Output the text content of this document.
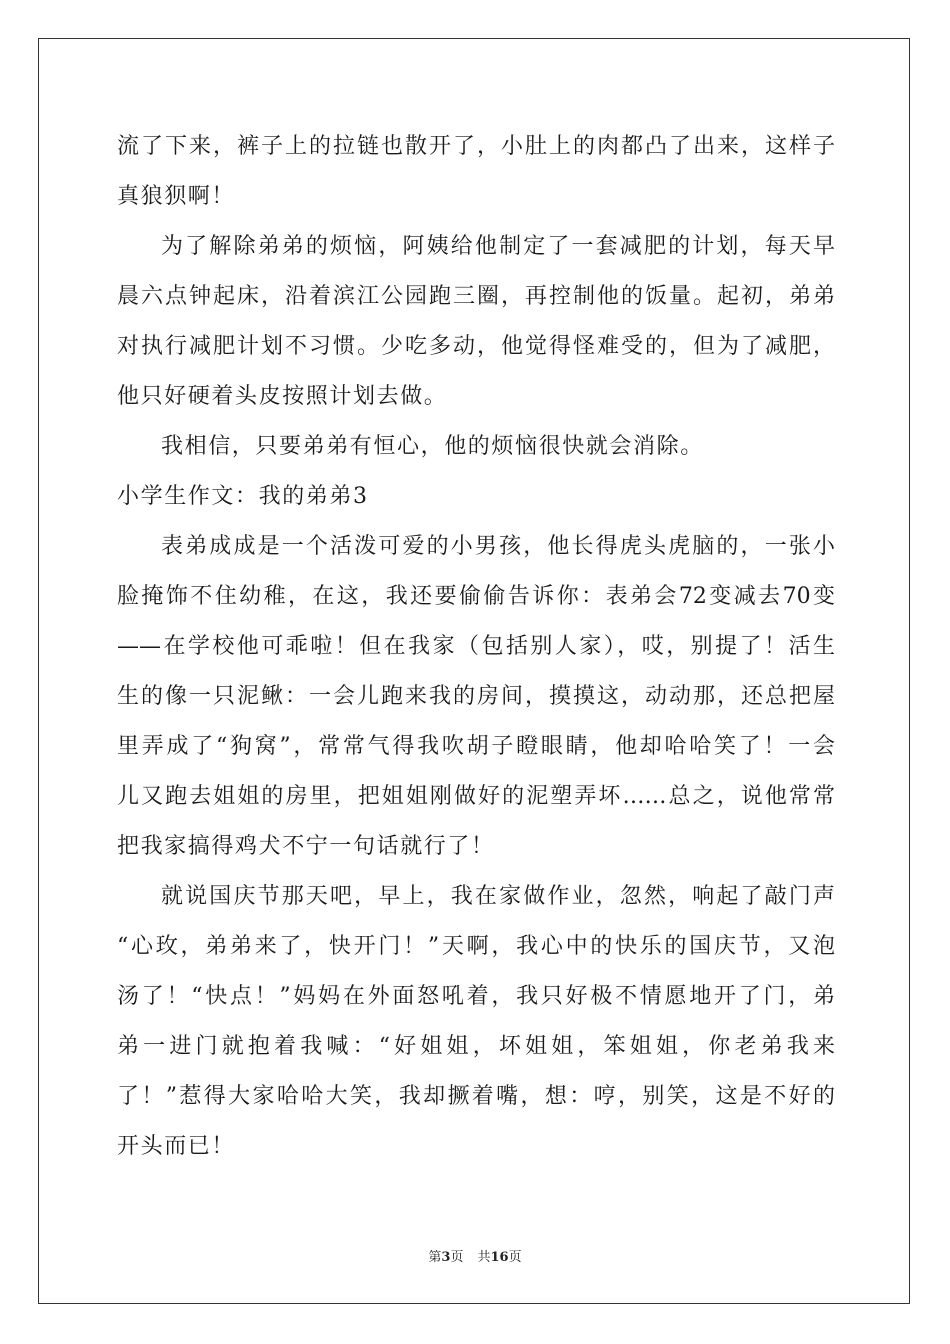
流了下来，裤子上的拉链也散开了，小肚上的肉都凸了出来，这样子
真狼狈啊！
为了解除弟弟的烦恼，阿姨给他制定了一套减肥的计划，每天早
晨六点钟起床，沿着滨江公园跑三圈，再控制他的饭量。起初，弟弟
对执行减肥计划不习惯。少吃多动，他觉得怪难受的，但为了减肥，
他只好硬着头皮按照计划去做。
我相信，只要弟弟有恒心，他的烦恼很快就会消除。
小学生作文：我的弟弟3
表弟成成是一个活泼可爱的小男孩，他长得虎头虎脑的，一张小
脸掩饰不住幼稚，在这，我还要偷偷告诉你：表弟会72变减去70变
——在学校他可乖啦！但在我家（包括别人家），哎，别提了！活生
生的像一只泥鳅：一会儿跑来我的房间，摸摸这，动动那，还总把屋
里弄成了“狗窝”，常常气得我吹胡子瞪眼睛，他却哈哈笑了！一会
儿又跑去姐姐的房里，把姐姐刚做好的泥塑弄坏……总之，说他常常
把我家搞得鸡犬不宁一句话就行了！
就说国庆节那天吧，早上，我在家做作业，忽然，响起了敲门声
“心玫，弟弟来了，快开门！”天啊，我心中的快乐的国庆节，又泡
汤了！“快点！”妈妈在外面怒吼着，我只好极不情愿地开了门，弟
弟一进门就抱着我喊：“好姐姐，坏姐姐，笨姐姐，你老弟我来
了！”惹得大家哈哈大笑，我却撅着嘴，想：哼，别笑，这是不好的
开头而已！
第3页 共16页
